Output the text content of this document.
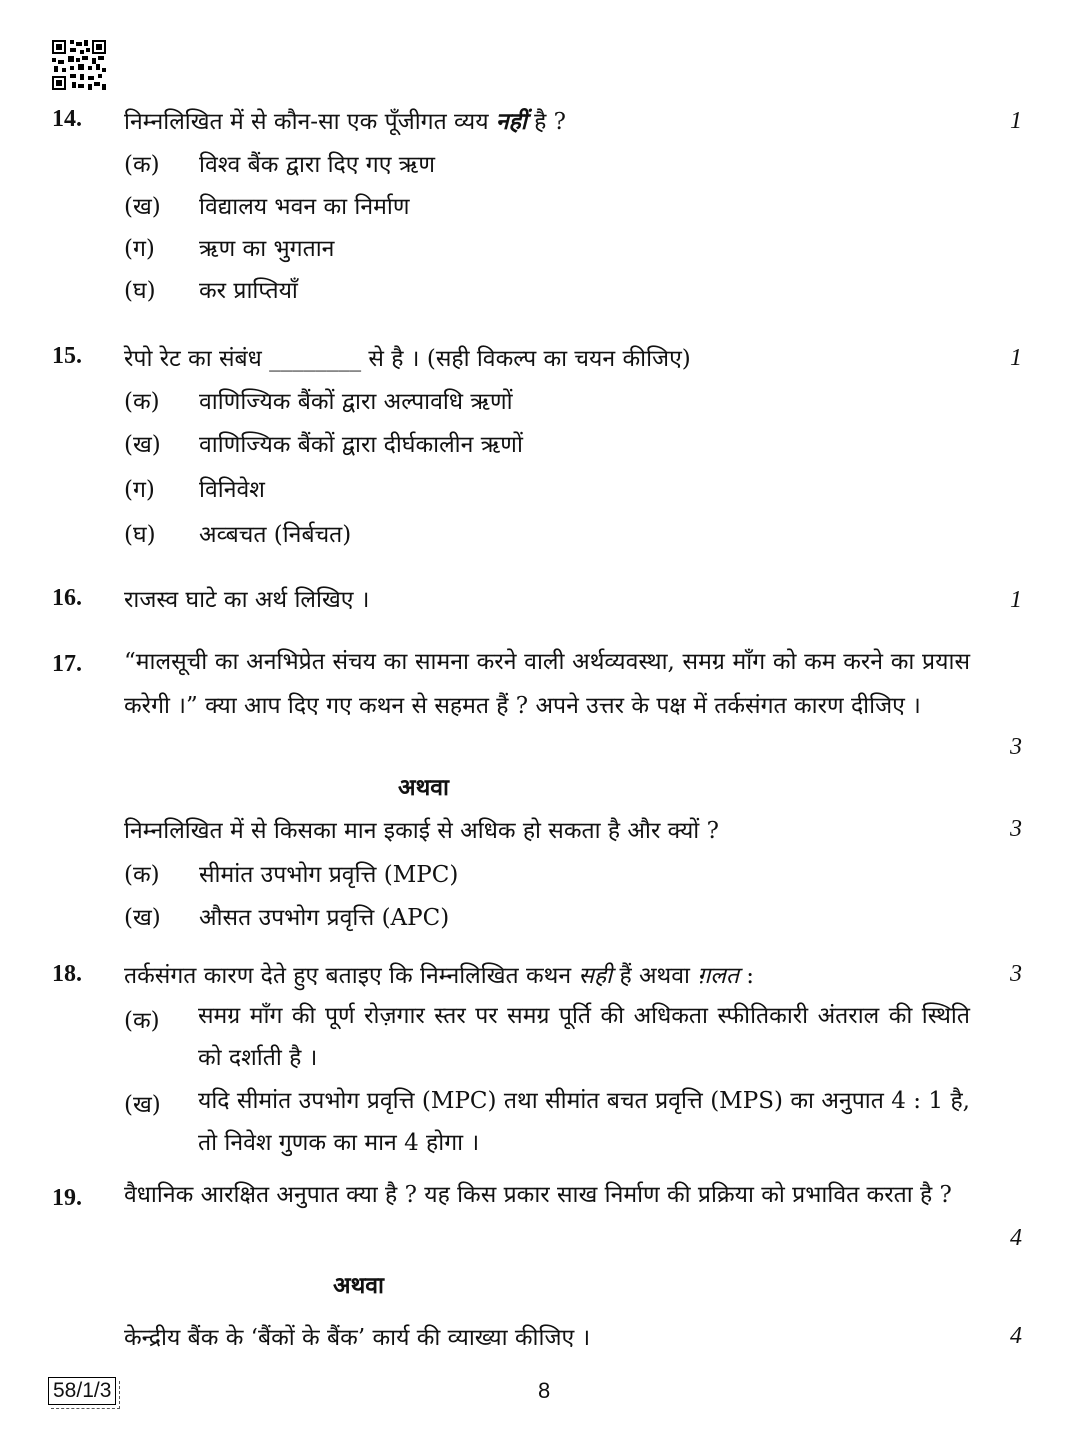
14. निम्नलिखित में से कौन-सा एक पूँजीगत व्यय नहीं है ?	1
(क) विश्व बैंक द्वारा दिए गए ऋण
(ख) विद्यालय भवन का निर्माण
(ग) ऋण का भुगतान
(घ) कर प्राप्तियाँ
15. रेपो रेट का संबंध ________ से है । (सही विकल्प का चयन कीजिए)	1
(क) वाणिज्यिक बैंकों द्वारा अल्पावधि ऋणों
(ख) वाणिज्यिक बैंकों द्वारा दीर्घकालीन ऋणों
(ग) विनिवेश
(घ) अव्बचत (निर्बचत)
16. राजस्व घाटे का अर्थ लिखिए ।	1
17. “मालसूची का अनभिप्रेत संचय का सामना करने वाली अर्थव्यवस्था, समग्र माँग को कम करने का प्रयास करेगी ।” क्या आप दिए गए कथन से सहमत हैं ? अपने उत्तर के पक्ष में तर्कसंगत कारण दीजिए ।
3
अथवा
निम्नलिखित में से किसका मान इकाई से अधिक हो सकता है और क्यों ?	3
(क) सीमांत उपभोग प्रवृत्ति (MPC)
(ख) औसत उपभोग प्रवृत्ति (APC)
18. तर्कसंगत कारण देते हुए बताइए कि निम्नलिखित कथन सही हैं अथवा ग़लत :	3
(क) समग्र माँग की पूर्ण रोज़गार स्तर पर समग्र पूर्ति की अधिकता स्फीतिकारी अंतराल की स्थिति को दर्शाती है ।
(ख) यदि सीमांत उपभोग प्रवृत्ति (MPC) तथा सीमांत बचत प्रवृत्ति (MPS) का अनुपात 4 : 1 है, तो निवेश गुणक का मान 4 होगा ।
19. वैधानिक आरक्षित अनुपात क्या है ? यह किस प्रकार साख निर्माण की प्रक्रिया को प्रभावित करता है ?
4
अथवा
केन्द्रीय बैंक के ‘बैंकों के बैंक’ कार्य की व्याख्या कीजिए ।	4
58/1/3	8
